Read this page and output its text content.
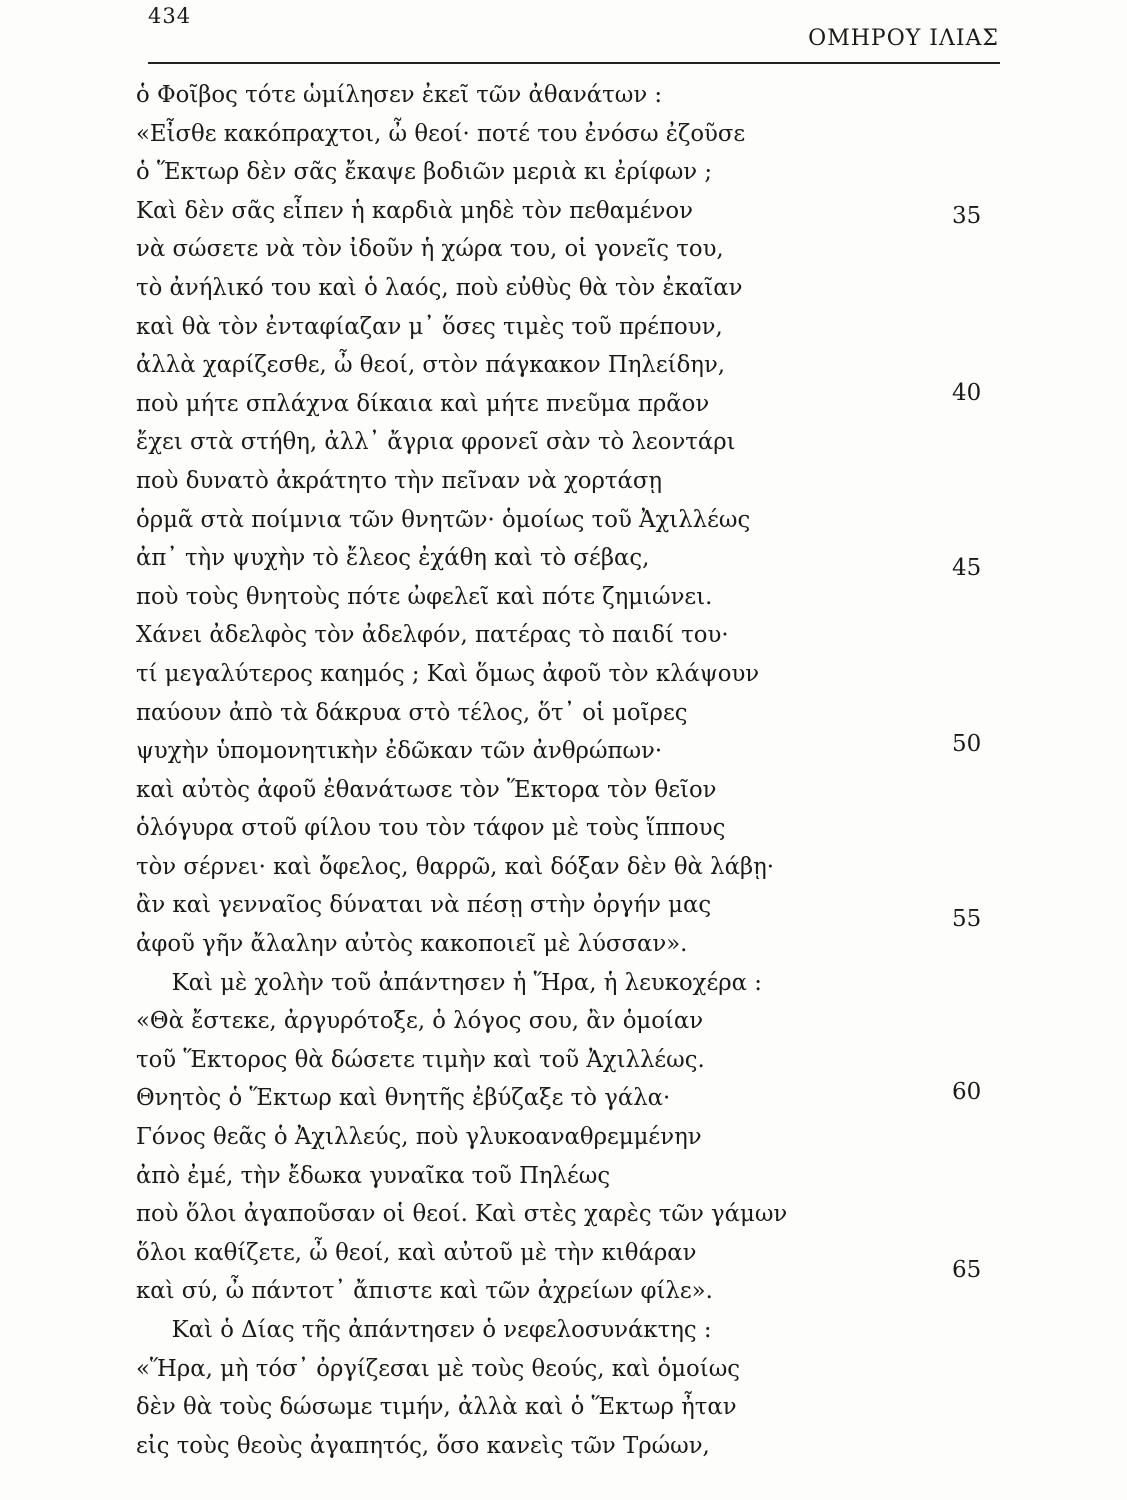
434
ΟΜΗΡΟΥ ΙΛΙΑΣ
ὁ Φοῖβος τότε ὡμίλησεν ἐκεῖ τῶν ἀθανάτων :
«Εἶσθε κακόπραχτοι, ὦ θεοί· ποτέ του ἐνόσω ἐζοῦσε
ὁ Ἕκτωρ δὲν σᾶς ἔκαψε βοδιῶν μεριὰ κι ἐρίφων ;
Καὶ δὲν σᾶς εἶπεν ἡ καρδιὰ μηδὲ τὸν πεθαμένον
νὰ σώσετε νὰ τὸν ἰδοῦν ἡ χώρα του, οἱ γονεῖς του,
τὸ ἀνήλικό του καὶ ὁ λαός, ποὺ εὐθὺς θὰ τὸν ἐκαῖαν
καὶ θὰ τὸν ἐνταφίαζαν μ᾽ ὅσες τιμὲς τοῦ πρέπουν,
ἀλλὰ χαρίζεσθε, ὦ θεοί, στὸν πάγκακον Πηλείδην,
ποὺ μήτε σπλάχνα δίκαια καὶ μήτε πνεῦμα πρᾶον
ἔχει στὰ στήθη, ἀλλ᾽ ἄγρια φρονεῖ σὰν τὸ λεοντάρι
ποὺ δυνατὸ ἀκράτητο τὴν πεῖναν νὰ χορτάσῃ
ὁρμᾶ στὰ ποίμνια τῶν θνητῶν· ὁμοίως τοῦ Ἀχιλλέως
ἀπ᾽ τὴν ψυχὴν τὸ ἔλεος ἐχάθη καὶ τὸ σέβας,
ποὺ τοὺς θνητοὺς πότε ὠφελεῖ καὶ πότε ζημιώνει.
Χάνει ἀδελφὸς τὸν ἀδελφόν, πατέρας τὸ παιδί του·
τί μεγαλύτερος καημός ; Καὶ ὅμως ἀφοῦ τὸν κλάψουν
παύουν ἀπὸ τὰ δάκρυα στὸ τέλος, ὅτ᾽ οἱ μοῖρες
ψυχὴν ὑπομονητικὴν ἐδῶκαν τῶν ἀνθρώπων·
καὶ αὐτὸς ἀφοῦ ἐθανάτωσε τὸν Ἕκτορα τὸν θεῖον
ὁλόγυρα στοῦ φίλου του τὸν τάφον μὲ τοὺς ἵππους
τὸν σέρνει· καὶ ὄφελος, θαρρῶ, καὶ δόξαν δὲν θὰ λάβῃ·
ἂν καὶ γενναῖος δύναται νὰ πέσῃ στὴν ὀργήν μας
ἀφοῦ γῆν ἄλαλην αὐτὸς κακοποιεῖ μὲ λύσσαν».
Καὶ μὲ χολὴν τοῦ ἀπάντησεν ἡ Ἥρα, ἡ λευκοχέρα :
«Θὰ ἔστεκε, ἀργυρότοξε, ὁ λόγος σου, ἂν ὁμοίαν
τοῦ Ἕκτορος θὰ δώσετε τιμὴν καὶ τοῦ Ἀχιλλέως.
Θνητὸς ὁ Ἕκτωρ καὶ θνητῆς ἐβύζαξε τὸ γάλα·
Γόνος θεᾶς ὁ Ἀχιλλεύς, ποὺ γλυκοαναθρεμμένην
ἀπὸ ἐμέ, τὴν ἔδωκα γυναῖκα τοῦ Πηλέως
ποὺ ὅλοι ἀγαποῦσαν οἱ θεοί. Καὶ στὲς χαρὲς τῶν γάμων
ὅλοι καθίζετε, ὦ θεοί, καὶ αὐτοῦ μὲ τὴν κιθάραν
καὶ σύ, ὦ πάντοτ᾽ ἄπιστε καὶ τῶν ἀχρείων φίλε».
Καὶ ὁ Δίας τῆς ἀπάντησεν ὁ νεφελοσυνάκτης :
«Ἥρα, μὴ τόσ᾽ ὀργίζεσαι μὲ τοὺς θεούς, καὶ ὁμοίως
δὲν θὰ τοὺς δώσωμε τιμήν, ἀλλὰ καὶ ὁ Ἕκτωρ ἦταν
εἰς τοὺς θεοὺς ἀγαπητός, ὅσο κανεὶς τῶν Τρώων,
35
40
45
50
55
60
65
